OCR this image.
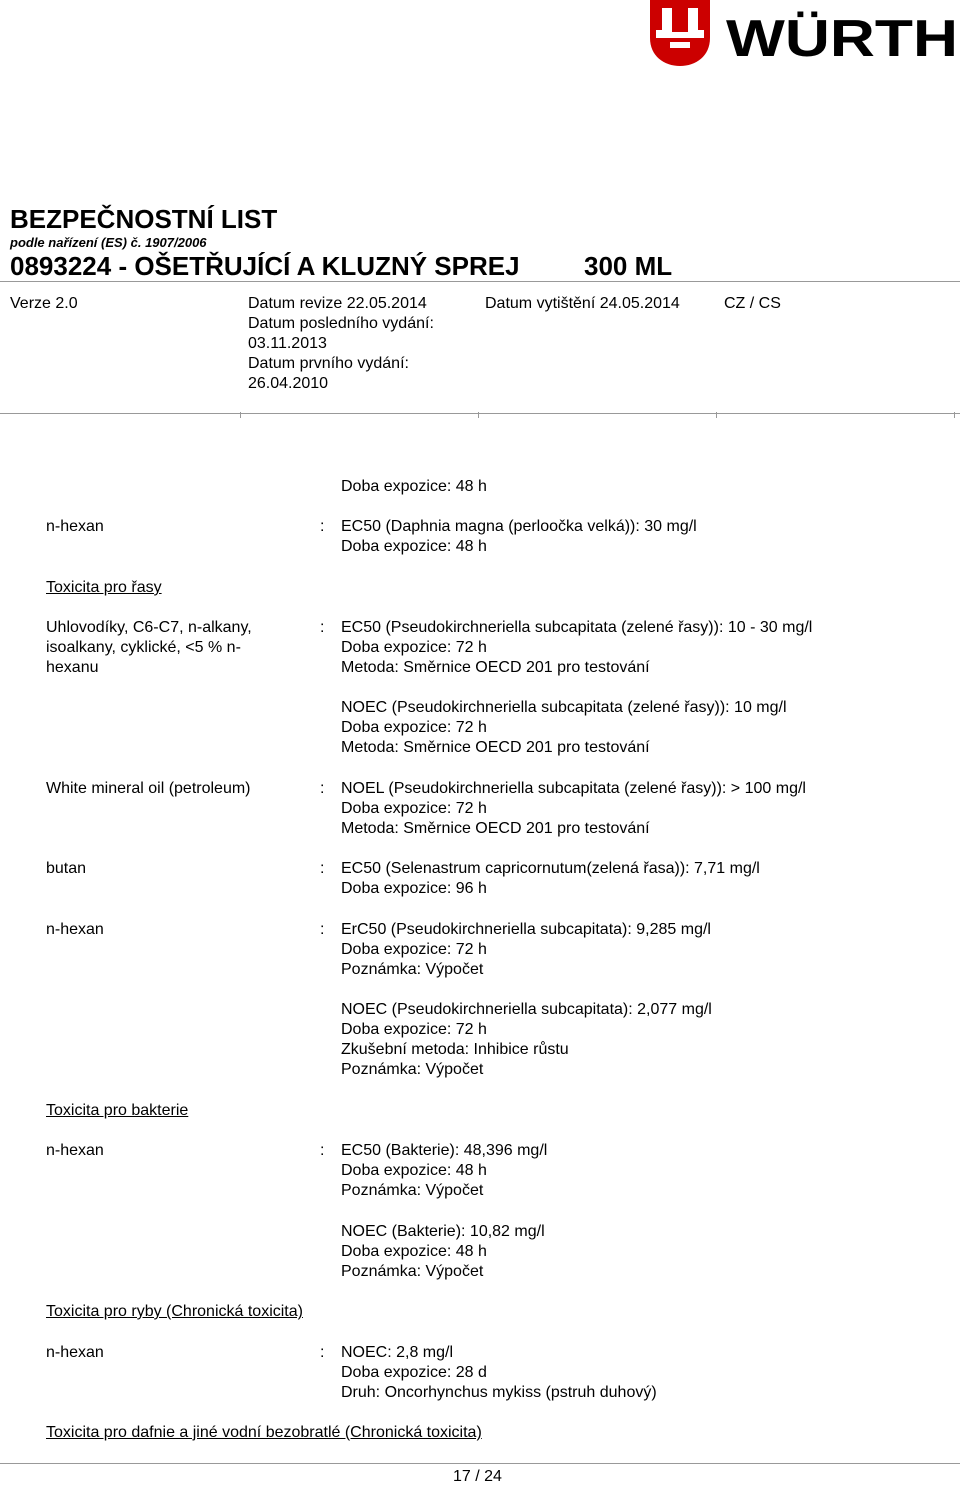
WÜRTH
BEZPEČNOSTNÍ LIST
podle nařízení (ES) č. 1907/2006
0893224 - OŠETŘUJÍCÍ A KLUZNÝ SPREJ 300 ML
Verze 2.0	Datum revize 22.05.2014
Datum posledního vydání:
03.11.2013
Datum prvního vydání:
26.04.2010
Datum vytištění 24.05.2014	CZ / CS
Doba expozice: 48 h
n-hexan	: EC50 (Daphnia magna (perloočka velká)): 30 mg/l
Doba expozice: 48 h
Toxicita pro řasy
Uhlovodíky, C6-C7, n-alkany, isoalkany, cyklické, <5 % n-hexanu
: EC50 (Pseudokirchneriella subcapitata (zelené řasy)): 10 - 30 mg/l
Doba expozice: 72 h
Metoda: Směrnice OECD 201 pro testování
NOEC (Pseudokirchneriella subcapitata (zelené řasy)): 10 mg/l
Doba expozice: 72 h
Metoda: Směrnice OECD 201 pro testování
White mineral oil (petroleum)	: NOEL (Pseudokirchneriella subcapitata (zelené řasy)): > 100 mg/l
Doba expozice: 72 h
Metoda: Směrnice OECD 201 pro testování
butan	: EC50 (Selenastrum capricornutum(zelená řasa)): 7,71 mg/l
Doba expozice: 96 h
n-hexan	: ErC50 (Pseudokirchneriella subcapitata): 9,285 mg/l
Doba expozice: 72 h
Poznámka: Výpočet
NOEC (Pseudokirchneriella subcapitata): 2,077 mg/l
Doba expozice: 72 h
Zkušební metoda: Inhibice růstu
Poznámka: Výpočet
Toxicita pro bakterie
n-hexan	: EC50 (Bakterie): 48,396 mg/l
Doba expozice: 48 h
Poznámka: Výpočet
NOEC (Bakterie): 10,82 mg/l
Doba expozice: 48 h
Poznámka: Výpočet
Toxicita pro ryby (Chronická toxicita)
n-hexan	: NOEC: 2,8 mg/l
Doba expozice: 28 d
Druh: Oncorhynchus mykiss (pstruh duhový)
Toxicita pro dafnie a jiné vodní bezobratlé (Chronická toxicita)
17 / 24
